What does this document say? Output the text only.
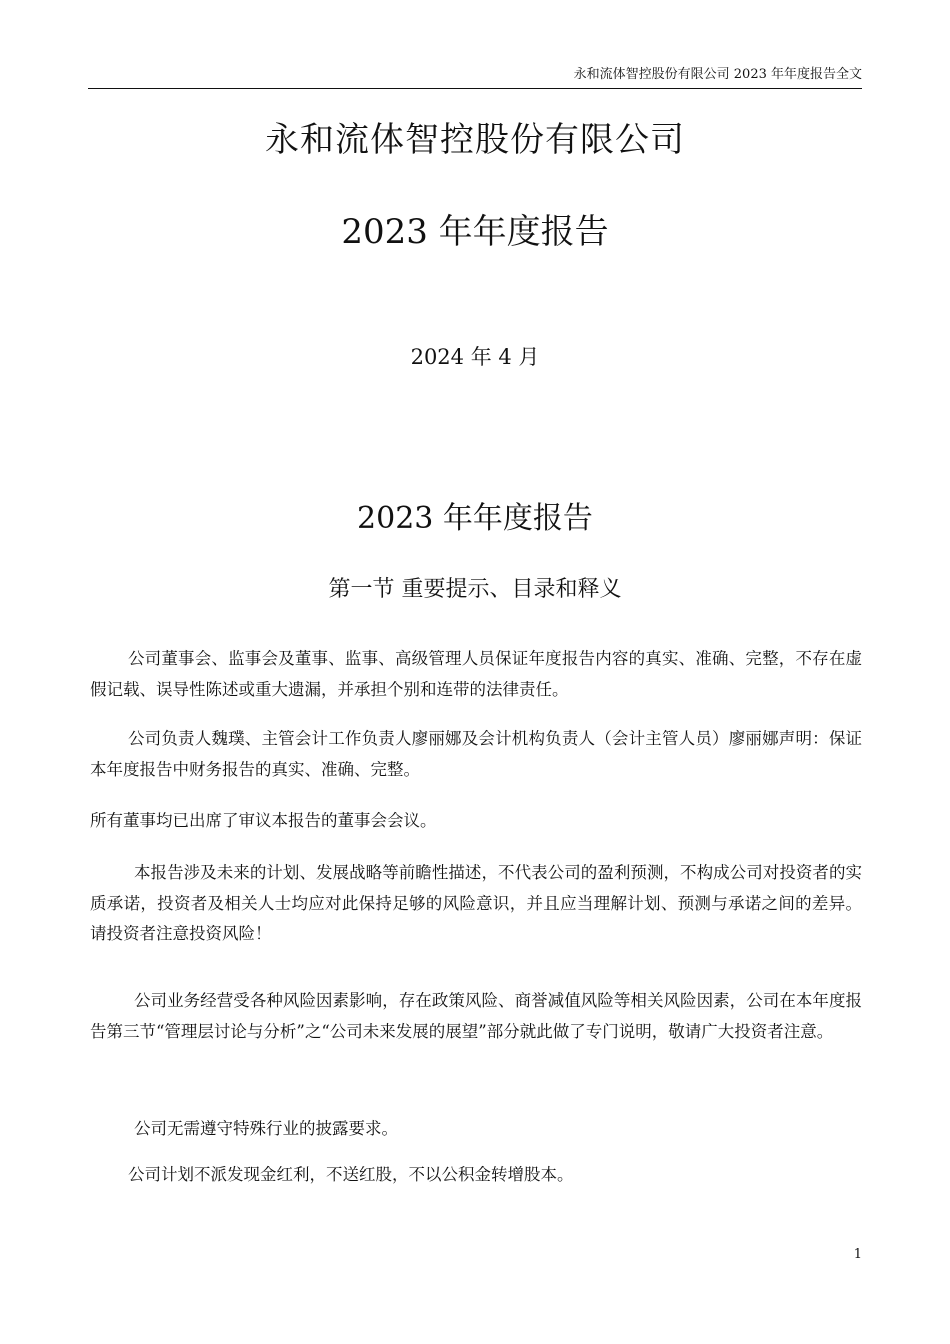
永和流体智控股份有限公司 2023 年年度报告全文
永和流体智控股份有限公司
2023 年年度报告
2024 年 4 月
2023 年年度报告
第一节 重要提示、目录和释义

公司董事会、监事会及董事、监事、高级管理人员保证年度报告内容的真实、准确、完整，不存在虚假记载、误导性陈述或重大遗漏，并承担个别和连带的法律责任。

公司负责人魏璞、主管会计工作负责人廖丽娜及会计机构负责人（会计主管人员）廖丽娜声明：保证本年度报告中财务报告的真实、准确、完整。

所有董事均已出席了审议本报告的董事会会议。

本报告涉及未来的计划、发展战略等前瞻性描述，不代表公司的盈利预测，不构成公司对投资者的实质承诺，投资者及相关人士均应对此保持足够的风险意识，并且应当理解计划、预测与承诺之间的差异。请投资者注意投资风险！

公司业务经营受各种风险因素影响，存在政策风险、商誉减值风险等相关风险因素，公司在本年度报告第三节“管理层讨论与分析”之“公司未来发展的展望”部分就此做了专门说明，敬请广大投资者注意。

公司无需遵守特殊行业的披露要求。

公司计划不派发现金红利，不送红股，不以公积金转增股本。

1
